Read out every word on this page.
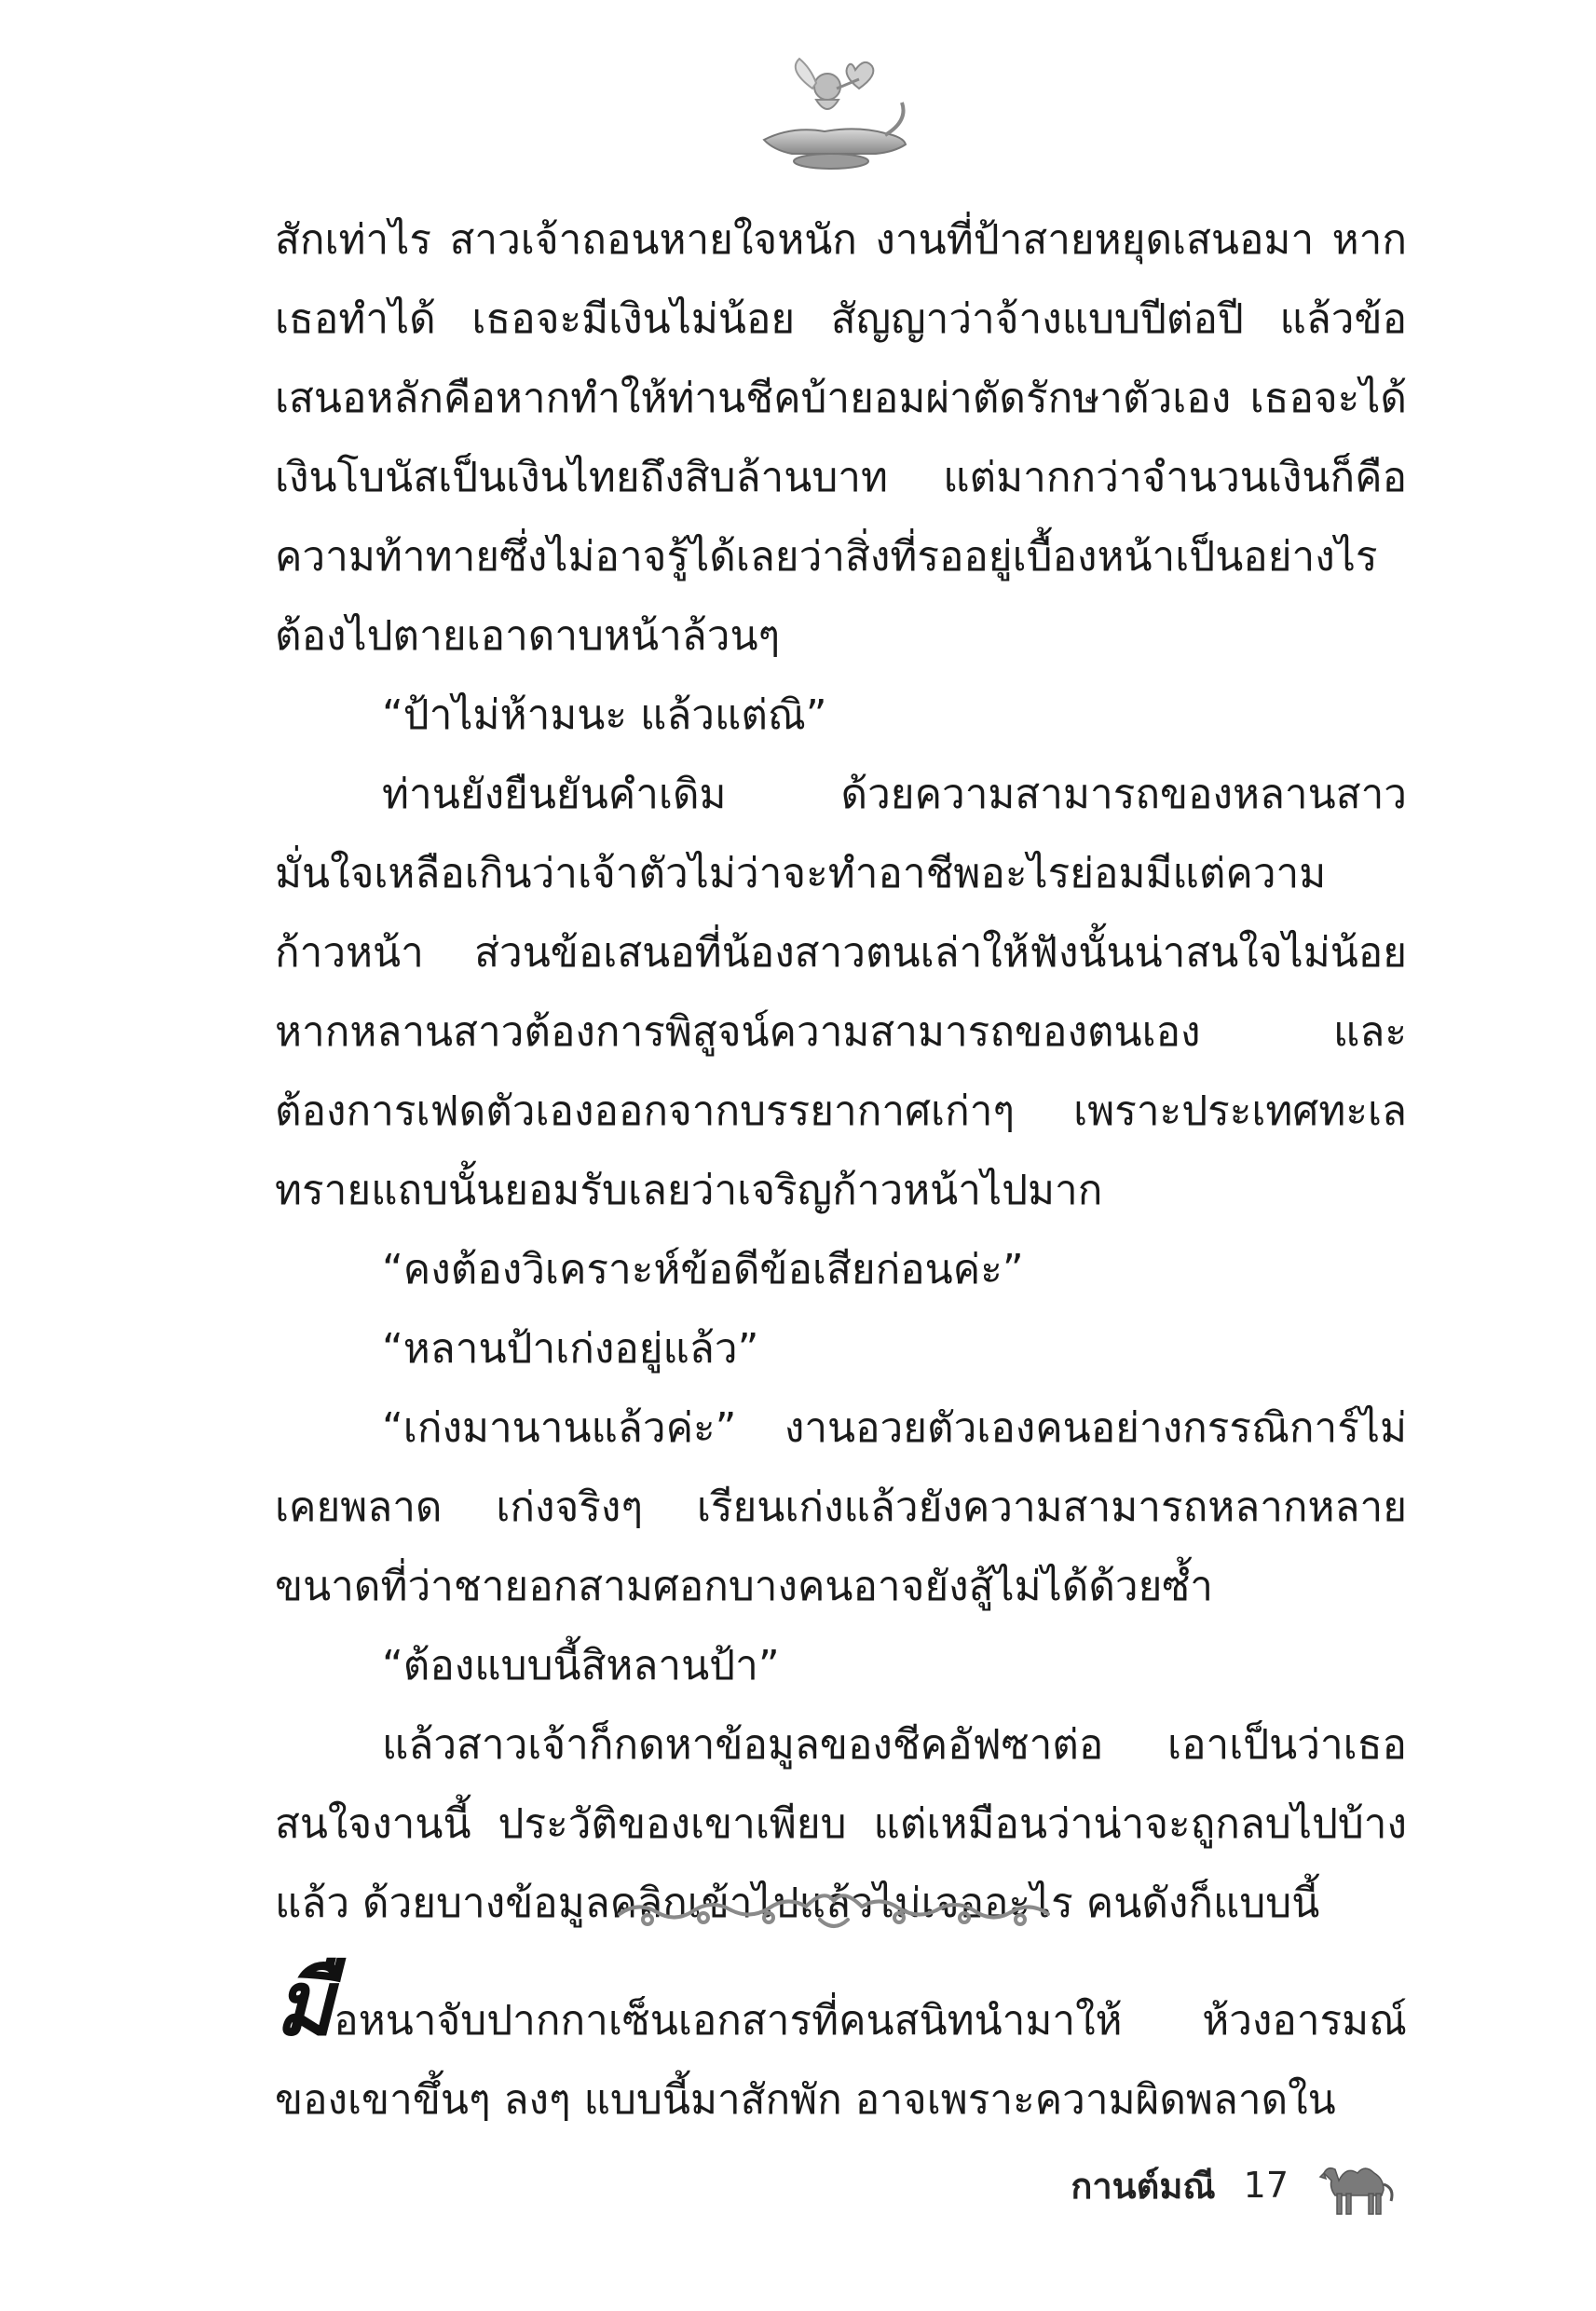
สักเท่าไร สาวเจ้าถอนหายใจหนัก งานที่ป้าสายหยุดเสนอมา หากเธอทำได้ เธอจะมีเงินไม่น้อย สัญญาว่าจ้างแบบปีต่อปี แล้วข้อเสนอหลักคือหากทำให้ท่านชีคบ้ายอมผ่าตัดรักษาตัวเอง เธอจะได้เงินโบนัสเป็นเงินไทยถึงสิบล้านบาท แต่มากกว่าจำนวนเงินก็คือความท้าทายซึ่งไม่อาจรู้ได้เลยว่าสิ่งที่รออยู่เบื้องหน้าเป็นอย่างไร ต้องไปตายเอาดาบหน้าล้วนๆ

“ป้าไม่ห้ามนะ แล้วแต่ณิ”

ท่านยังยืนยันคำเดิม ด้วยความสามารถของหลานสาว มั่นใจเหลือเกินว่าเจ้าตัวไม่ว่าจะทำอาชีพอะไรย่อมมีแต่ความก้าวหน้า ส่วนข้อเสนอที่น้องสาวตนเล่าให้ฟังนั้นน่าสนใจไม่น้อย หากหลานสาวต้องการพิสูจน์ความสามารถของตนเอง และต้องการเฟดตัวเองออกจากบรรยากาศเก่าๆ เพราะประเทศทะเลทรายแถบนั้นยอมรับเลยว่าเจริญก้าวหน้าไปมาก

“คงต้องวิเคราะห์ข้อดีข้อเสียก่อนค่ะ”

“หลานป้าเก่งอยู่แล้ว”

“เก่งมานานแล้วค่ะ” งานอวยตัวเองคนอย่างกรรณิการ์ไม่เคยพลาด เก่งจริงๆ เรียนเก่งแล้วยังความสามารถหลากหลาย ขนาดที่ว่าชายอกสามศอกบางคนอาจยังสู้ไม่ได้ด้วยซ้ำ

“ต้องแบบนี้สิหลานป้า”

แล้วสาวเจ้าก็กดหาข้อมูลของชีคอัฟซาต่อ เอาเป็นว่าเธอสนใจงานนี้ ประวัติของเขาเพียบ แต่เหมือนว่าน่าจะถูกลบไปบ้างแล้ว ด้วยบางข้อมูลคลิกเข้าไปแล้วไม่เจออะไร คนดังก็แบบนี้

มือหนาจับปากกาเซ็นเอกสารที่คนสนิทนำมาให้ ห้วงอารมณ์ของเขาขึ้นๆ ลงๆ แบบนี้มาสักพัก อาจเพราะความผิดพลาดใน

กานต์มณี 17
